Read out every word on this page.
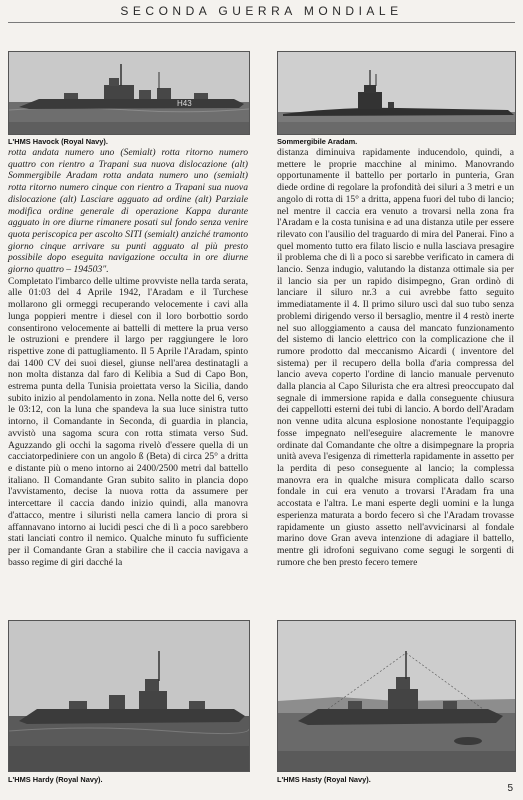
SECONDA GUERRA MONDIALE
H43
L'HMS Havock (Royal Navy).	Sommergibile Aradam.

rotta andata numero uno (Semialt) rotta ritorno numero quattro con rientro a Trapani sua nuova dislocazione (alt) Sommergibile Aradam rotta andata numero uno (semialt) rotta ritorno numero cinque con rientro a Trapani sua nuova dislocazione (alt) Lasciare agguato ad ordine (alt) Parziale modifica ordine generale di operazione Kappa durante agguato in ore diurne rimanere posati sul fondo senza venire quota periscopica per ascolto SITI (semialt) anziché tramonto giorno cinque arrivare su punti agguato al più presto possibile dopo eseguita navigazione occulta in ore diurne giorno quattro – 194503".

Completato l'imbarco delle ultime provviste nella tarda serata, alle 01:03 del 4 Aprile 1942, l'Aradam e il Turchese mollarono gli ormeggi recuperando velocemente i cavi alla lunga poppieri mentre i diesel con il loro borbottio sordo consentirono velocemente ai battelli di mettere la prua verso le ostruzioni e prendere il largo per raggiungere le loro rispettive zone di pattugliamento. Il 5 Aprile l'Aradam, spinto dai 1400 CV dei suoi diesel, giunse nell'area destinatagli a non molta distanza dal faro di Kelibia a Sud di Capo Bon, estrema punta della Tunisia proiettata verso la Sicilia, dando subito inizio al pendolamento in zona. Nella notte del 6, verso le 03:12, con la luna che spandeva la sua luce sinistra tutto intorno, il Comandante in Seconda, di guardia in plancia, avvistò una sagoma scura con rotta stimata verso Sud. Aguzzando gli occhi la sagoma rivelò d'essere quella di un cacciatorpediniere con un angolo ß (Beta) di circa 25° a dritta e distante più o meno intorno ai 2400/2500 metri dal battello italiano. Il Comandante Gran subito salito in plancia dopo l'avvistamento, decise la nuova rotta da assumere per intercettare il caccia dando inizio quindi, alla manovra d'attacco, mentre i siluristi nella camera lancio di prora si affannavano intorno ai lucidi pesci che di lì a poco sarebbero stati lanciati contro il nemico. Qualche minuto fu sufficiente per il Comandante Gran a stabilire che il caccia navigava a basso regime di giri dacché la

distanza diminuiva rapidamente inducendolo, quindi, a mettere le proprie macchine al minimo. Manovrando opportunamente il battello per portarlo in punteria, Gran diede ordine di regolare la profondità dei siluri a 3 metri e un angolo di rotta di 15° a dritta, appena fuori del tubo di lancio; nel mentre il caccia era venuto a trovarsi nella zona fra l'Aradam e la costa tunisina e ad una distanza utile per essere rilevato con l'ausilio del traguardo di mira del Panerai. Fino a quel momento tutto era filato liscio e nulla lasciava presagire il problema che di lì a poco si sarebbe verificato in camera di lancio. Senza indugio, valutando la distanza ottimale sia per il lancio sia per un rapido disimpegno, Gran ordinò di lanciare il siluro nr.3 a cui avrebbe fatto seguito immediatamente il 4. Il primo siluro uscì dal suo tubo senza problemi dirigendo verso il bersaglio, mentre il 4 restò inerte nel suo alloggiamento a causa del mancato funzionamento del sistemo di lancio elettrico con la complicazione che il rumore prodotto dal meccanismo Aicardi ( inventore del sistema) per il recupero della bolla d'aria compressa del lancio aveva coperto l'ordine di lancio manuale pervenuto dalla plancia al Capo Silurista che era altresì preoccupato dal segnale di immersione rapida e dalla conseguente chiusura dei cappellotti esterni dei tubi di lancio. A bordo dell'Aradam non venne udita alcuna esplosione nonostante l'equipaggio fosse impegnato nell'eseguire alacremente le manovre ordinate dal Comandante che oltre a disimpegnare la propria unità aveva l'esigenza di rimetterla rapidamente in assetto per la perdita di peso conseguente al lancio; la complessa manovra era in qualche misura complicata dallo scarso fondale in cui era venuto a trovarsi l'Aradam fra una accostata e l'altra. Le mani esperte degli uomini e la lunga esperienza maturata a bordo fecero sì che l'Aradam trovasse rapidamente un giusto assetto nell'avvicinarsi al fondale marino dove Gran aveva intenzione di adagiare il battello, mentre gli idrofoni seguivano come segugi le sorgenti di rumore che ben presto fecero temere

L'HMS Hardy (Royal Navy).	L'HMS Hasty (Royal Navy).
5
